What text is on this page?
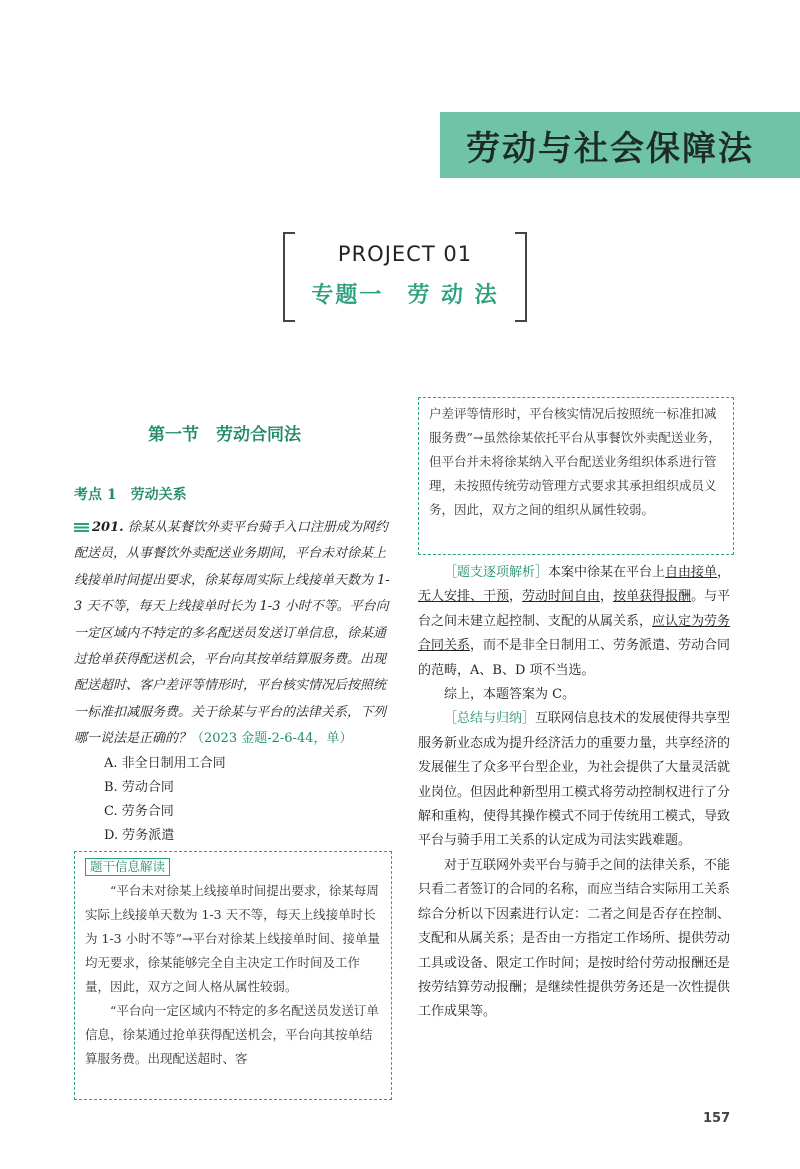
劳动与社会保障法
PROJECT 01
专题一　劳 动 法
第一节　劳动合同法
考点 1　劳动关系
201. 徐某从某餐饮外卖平台骑手入口注册成为网约配送员，从事餐饮外卖配送业务期间，平台未对徐某上线接单时间提出要求，徐某每周实际上线接单天数为 1-3 天不等，每天上线接单时长为 1-3 小时不等。平台向一定区域内不特定的多名配送员发送订单信息，徐某通过抢单获得配送机会，平台向其按单结算服务费。出现配送超时、客户差评等情形时，平台核实情况后按照统一标准扣减服务费。关于徐某与平台的法律关系，下列哪一说法是正确的？（2023 金题-2-6-44，单）
A. 非全日制用工合同
B. 劳动合同
C. 劳务合同
D. 劳务派遣
题干信息解读

“平台未对徐某上线接单时间提出要求，徐某每周实际上线接单天数为 1-3 天不等，每天上线接单时长为 1-3 小时不等”→平台对徐某上线接单时间、接单量均无要求，徐某能够完全自主决定工作时间及工作量，因此，双方之间人格从属性较弱。

“平台向一定区域内不特定的多名配送员发送订单信息，徐某通过抢单获得配送机会，平台向其按单结算服务费。出现配送超时、客

户差评等情形时，平台核实情况后按照统一标准扣减服务费”→虽然徐某依托平台从事餐饮外卖配送业务，但平台并未将徐某纳入平台配送业务组织体系进行管理，未按照传统劳动管理方式要求其承担组织成员义务，因此，双方之间的组织从属性较弱。

［题支逐项解析］本案中徐某在平台上自由接单，无人安排、干预，劳动时间自由，按单获得报酬。与平台之间未建立起控制、支配的从属关系，应认定为劳务合同关系，而不是非全日制用工、劳务派遣、劳动合同的范畴，A、B、D 项不当选。

综上，本题答案为 C。

［总结与归纳］互联网信息技术的发展使得共享型服务新业态成为提升经济活力的重要力量，共享经济的发展催生了众多平台型企业，为社会提供了大量灵活就业岗位。但因此种新型用工模式将劳动控制权进行了分解和重构，使得其操作模式不同于传统用工模式，导致平台与骑手用工关系的认定成为司法实践难题。

对于互联网外卖平台与骑手之间的法律关系，不能只看二者签订的合同的名称，而应当结合实际用工关系综合分析以下因素进行认定：二者之间是否存在控制、支配和从属关系；是否由一方指定工作场所、提供劳动工具或设备、限定工作时间；是按时给付劳动报酬还是按劳结算劳动报酬；是继续性提供劳务还是一次性提供工作成果等。

157
